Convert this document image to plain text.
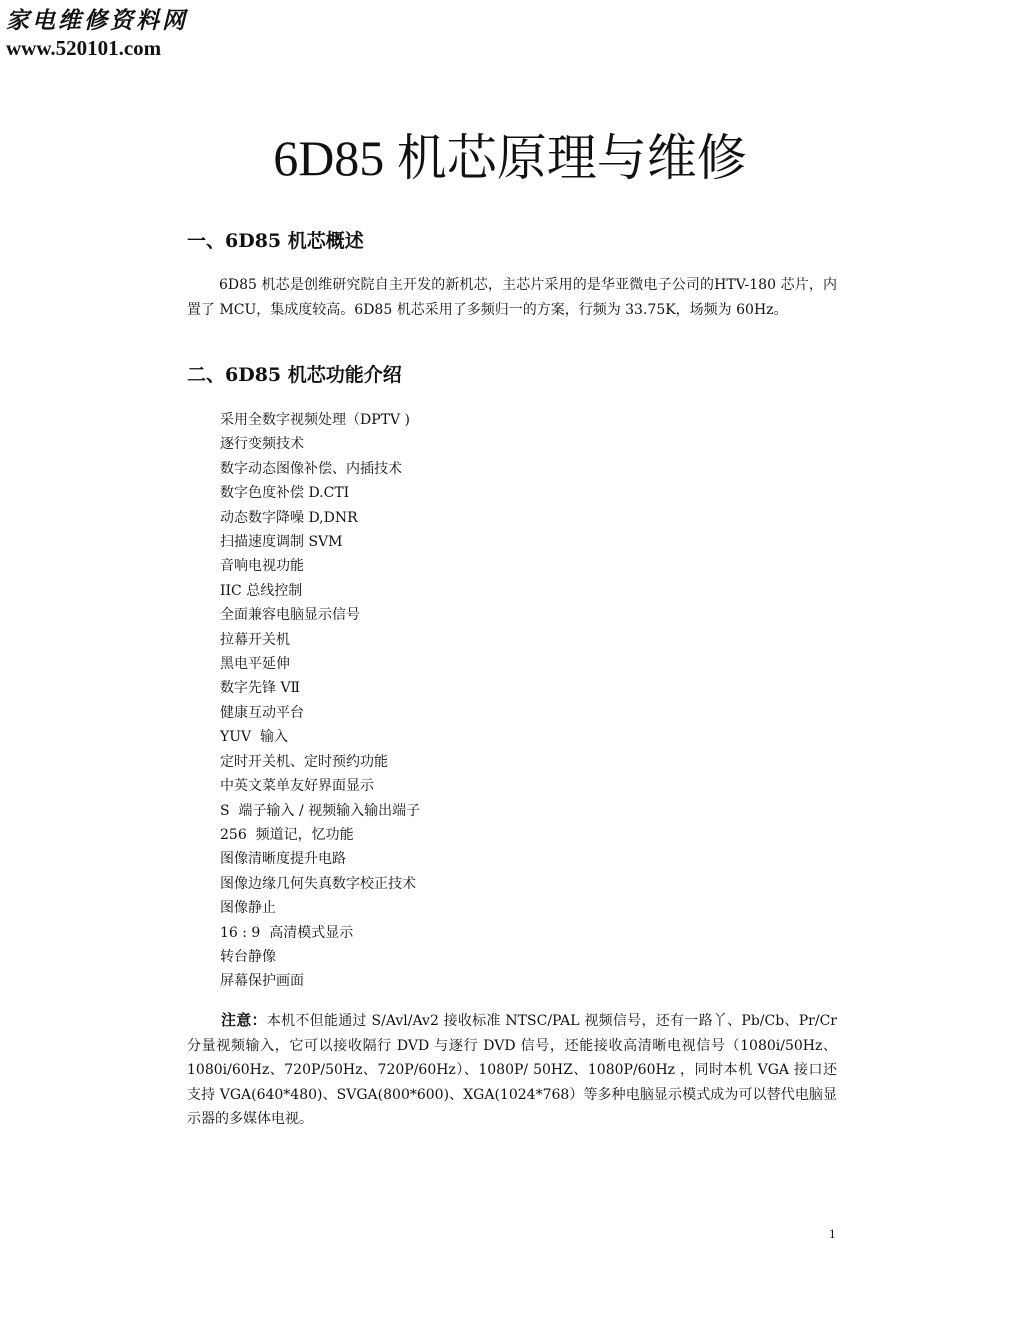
家电维修资料网
www.520101.com
6D85 机芯原理与维修
一、6D85 机芯概述

6D85 机芯是创维研究院自主开发的新机芯，主芯片采用的是华亚微电子公司的HTV-180 芯片，内置了 MCU，集成度较高。6D85 机芯采用了多频归一的方案，行频为 33.75K，场频为 60Hz。

二、6D85 机芯功能介绍
采用全数字视频处理（DPTV )
逐行变频技术
数字动态图像补偿、内插技术
数字色度补偿 D.CTI
动态数字降噪 D,DNR
扫描速度调制 SVM
音响电视功能
IIC 总线控制
全面兼容电脑显示信号
拉幕开关机
黑电平延伸
数字先锋 VⅡ
健康互动平台
YUV  输入
定时开关机、定时预约功能
中英文菜单友好界面显示
S  端子输入 / 视频输入输出端子
256  频道记，忆功能
图像清晰度提升电路
图像边缘几何失真数字校正技术
图像静止
16 : 9  高清模式显示
转台静像
屏幕保护画面

注意：本机不但能通过 S/Avl/Av2 接收标准 NTSC/PAL 视频信号，还有一路丫、Pb/Cb、Pr/Cr 分量视频输入，它可以接收隔行 DVD 与逐行 DVD 信号，还能接收高清晰电视信号（1080i/50Hz、1080i/60Hz、720P/50Hz、720P/60Hz）、1080P/ 50HZ、1080P/60Hz ，同时本机 VGA 接口还支持 VGA(640*480)、SVGA(800*600)、XGA(1024*768）等多种电脑显示模式成为可以替代电脑显示器的多媒体电视。

1
